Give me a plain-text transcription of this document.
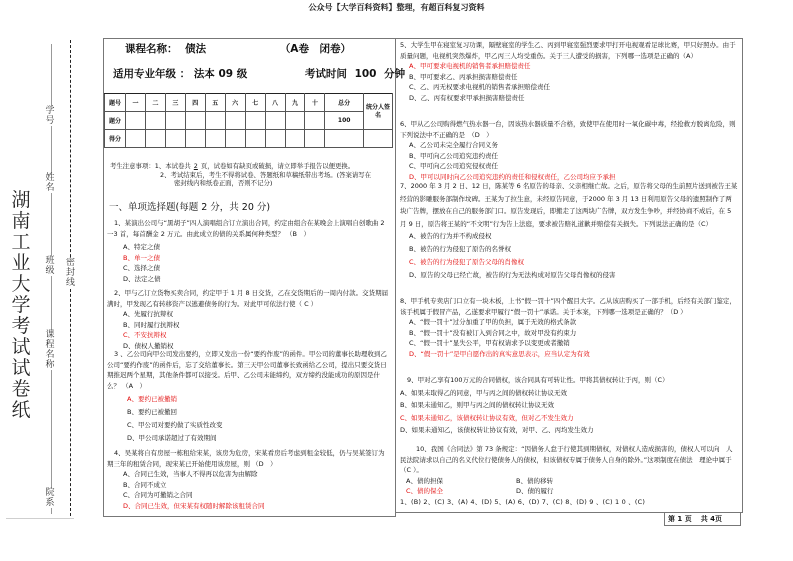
公众号【大学百科资料】整理，有超百科复习资料
学号
姓名
班级
课程名称
院系
湖南工业大学考试试卷纸
密封线
课程名称： 债法	（A卷　闭卷）
适用专业年级 ： 法本 09 级	考试时间 100 分钟
题号	一	二	三	四	五	六	七	八	九	十	总分	统分人签名
题分											100	
得分												
考生注意事项：1、本试卷共 2 页，试卷如有缺页或破损，请立即举手报告以便更换。
2、考试结束后，考生不得将试卷、答题纸和草稿纸带出考场。(答案请写在
密封线内和纸卷正面，否则不记分)
一、单项选择题(每题 2 分，共 20 分)
1、某演出公司与“黑胡子”四人演唱组合订立演出合同，约定由组合在某晚会上演唱自创歌曲 2一3 首，每首酬金 2 万元。由此成立的债的关系属何种类型？ （B　）
A、特定之债
B、单一之债
C、选择之债
D、法定之债
2、甲与乙订立货物买卖合同，约定甲于 1 月 8 日交货，乙在交货期后的一周内付款。交货期届满时，甲发现乙有转移资产以逃避债务的行为。对此甲可依法行使（ C ）
A、先履行抗辩权
B、同时履行抗辩权
C、不安抗辩权
D、债权人撤销权
3 、乙公司向甲公司发出要约，立即又发出一份“要约作废”的函件。甲公司的董事长助理收到乙公司“要约作废”的函件后，忘了交给董事长。第三天甲公司董事长致函给乙公司，提出只要交货日期推迟两个星期，其他条件都可以接受。后甲、乙公司未能缔约，双方缔约没能成功的原因是什么？ （A　）
A、要约已被撤销
B、要约已被撤回
C、甲公司对要约做了实质性改变
D、甲公司承诺超过了有效期间
4、吴某将自有房屋一栋租给宋某，该房为危房，宋某看房后考虑到租金较低，仍与吴某签订为期三年的租赁合同，现宋某已开始使用该房屋，则 （D　）
A、合同已生效，当事人不得再以危害为由解除
B、合同不成立
C、合同为可撤销之合同
D、合同已生效，但宋某有权随时解除该租赁合同
5、大学生甲在寝室复习功课，隔壁寝室的学生乙、丙到甲寝室强烈要求甲打开电视观看足球比赛，甲只好照办。由于质量问题，电视机突然爆炸，甲乙丙三人均受重伤。关于三人遭受的损害，下列哪一选项是正确的（A）
A、甲可要求电视机的销售者承担赔偿责任
B、甲可要求乙、丙承担损害赔偿责任
C、乙、丙无权要求电视机的销售者承担赔偿责任
D、乙、丙有权要求甲承担损害赔偿责任
6、甲从乙公司购得燃气热水器一台，因该热水器质量不合格，致使甲在使用时一氧化碳中毒，经抢救方脱离危险，则下列说法中不正确的是　（D　）
A、乙公司未完全履行合同义务
B、甲可向乙公司追究违约责任
C、甲可向乙公司追究侵权责任
D、甲可以同时向乙公司追究违约的责任和侵权责任，乙公司均应予承担
7、2000 年 3 月 2 日、12 日，陈某等 6 名原告的母亲、父亲相继亡故。之后，原告将父母的生前照片送到被告王某经营的影雕服务部制作坟碑。王某为了拉生意，未经原告同意，于2000 年 3 月 13 日利用原告父母的遗照制作了两块广告牌，摆放在自己的服务部门口。原告发现后，即搬走了这两块广告牌，双方发生争吵，并经协商不成后，在 5 月 9 日，原告将王某的“不文明”行为告上法庭，要求被告赔礼道歉并赔偿有关损失。下列说法正确的是（C）
A、被告的行为并不构成侵权
B、被告的行为侵犯了原告的名誉权
C、被告的行为侵犯了原告父母的肖像权
D、原告的父母已经亡故，被告的行为无法构成对原告父母肖像权的侵害
8、甲手机专卖店门口立有一块木板，上书“假一罚十”四个醒目大字。乙从该店购买了一部手机，后经有关部门鉴定，该手机属于假冒产品，乙遂要求甲履行“假一罚十”承诺。关于本案，下列哪一选项是正确的？（D ）
A、“假一罚十”过分加重了甲的负担，属于无效的格式条款
B、“假一罚十”没有被订入到合同之中，故对甲没有约束力
C、“假一罚十”显失公平，甲有权请求予以变更或者撤销
D、“假一罚十”是甲自愿作出的真实意思表示，应当认定为有效
9、甲对乙享有100万元的合同债权，该合同具有可转让性。甲将其债权转让于丙，则（C）
A、如果未取得乙的同意，甲与丙之间的债权转让协议无效
B、如果未通知乙，则甲与丙之间的债权转让协议无效
C、如果未通知乙，该债权转让协议有效，但对乙不发生效力
D、如果未通知乙，该债权转让协议有效，对甲、乙、丙均发生效力
10、我国《合同法》第 73 条规定：“因债务人怠于行使其到期债权，对债权人造成损害的，债权人可以向　人民法院请求以自己的名义代位行使债务人的债权，但该债权专属于债务人自身的除外。”这项制度在债法　理论中属于（C ）。
A、债的担保	B、债的移转
C、债的保全	D、债的履行
1、(B) 2、(C) 3、(A) 4、(D) 5、(A) 6、(D) 7、(C) 8、(D) 9 、(C) 1 0 、(C)
第 1 页 共 4页
